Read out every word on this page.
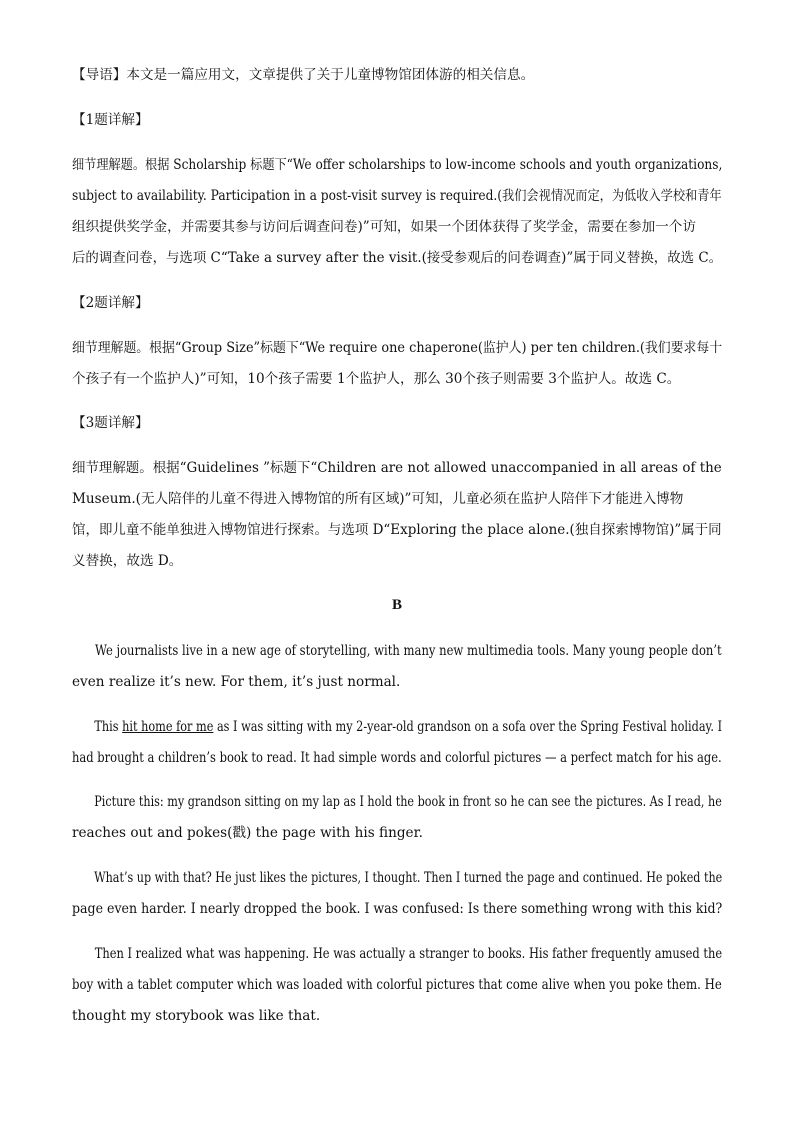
【导语】本文是一篇应用文，文章提供了关于儿童博物馆团体游的相关信息。

【1题详解】

细节理解题。根据 Scholarship 标题下“We offer scholarships to low-income schools and youth organizations,
subject to availability. Participation in a post-visit survey is required.(我们会视情况而定，为低收入学校和青年
组织提供奖学金，并需要其参与访问后调查问卷)”可知，如果一个团体获得了奖学金，需要在参加一个访
后的调查问卷，与选项 C“Take a survey after the visit.(接受参观后的问卷调查)”属于同义替换，故选 C。

【2题详解】

细节理解题。根据“Group Size”标题下“We require one chaperone(监护人) per ten children.(我们要求每十
个孩子有一个监护人)”可知，10个孩子需要 1个监护人，那么 30个孩子则需要 3个监护人。故选 C。

【3题详解】

细节理解题。根据“Guidelines ”标题下“Children are not allowed unaccompanied in all areas of the
Museum.(无人陪伴的儿童不得进入博物馆的所有区域)”可知，儿童必须在监护人陪伴下才能进入博物
馆，即儿童不能单独进入博物馆进行探索。与选项 D“Exploring the place alone.(独自探索博物馆)”属于同
义替换，故选 D。

B

We journalists live in a new age of storytelling, with many new multimedia tools. Many young people don’t
even realize it’s new. For them, it’s just normal.

This hit home for me as I was sitting with my 2-year-old grandson on a sofa over the Spring Festival holiday. I
had brought a children’s book to read. It had simple words and colorful pictures — a perfect match for his age.

Picture this: my grandson sitting on my lap as I hold the book in front so he can see the pictures. As I read, he
reaches out and pokes(戳) the page with his finger.

What’s up with that? He just likes the pictures, I thought. Then I turned the page and continued. He poked the
page even harder. I nearly dropped the book. I was confused: Is there something wrong with this kid?

Then I realized what was happening. He was actually a stranger to books. His father frequently amused the
boy with a tablet computer which was loaded with colorful pictures that come alive when you poke them. He
thought my storybook was like that.
